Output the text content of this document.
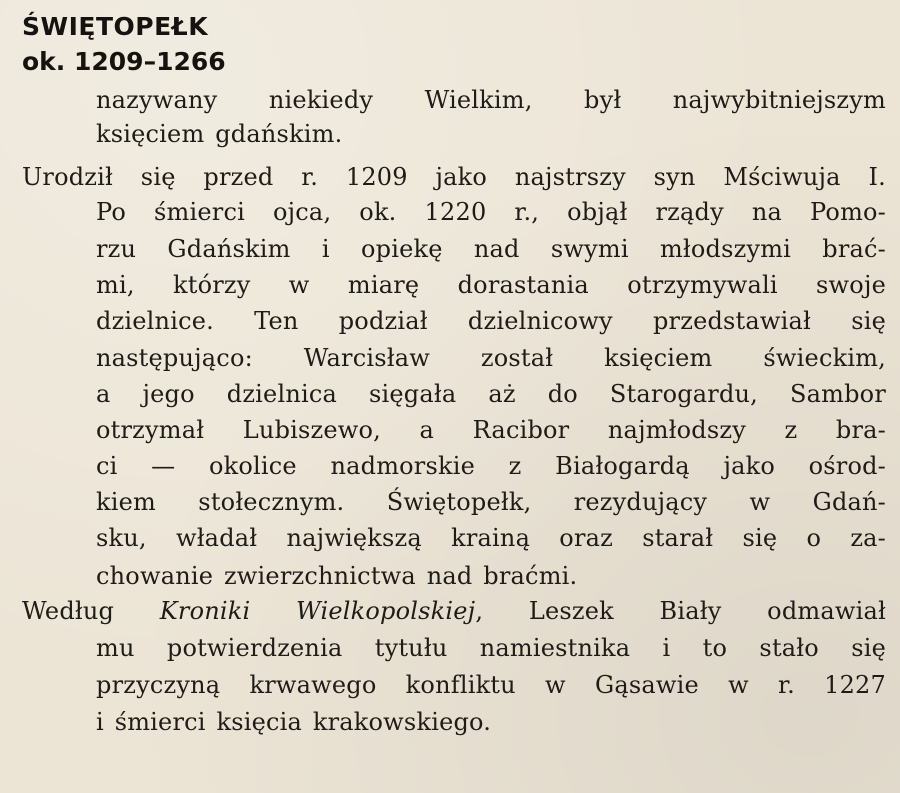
ŚWIĘTOPEŁK
ok. 1209–1266
nazywany niekiedy Wielkim, był najwybitniejszym
księciem gdańskim.
Urodził się przed r. 1209 jako najstrszy syn Mściwuja I.
Po śmierci ojca, ok. 1220 r., objął rządy na Pomo-
rzu Gdańskim i opiekę nad swymi młodszymi brać-
mi, którzy w miarę dorastania otrzymywali swoje
dzielnice. Ten podział dzielnicowy przedstawiał się
następująco: Warcisław został księciem świeckim,
a jego dzielnica sięgała aż do Starogardu, Sambor
otrzymał Lubiszewo, a Racibor najmłodszy z bra-
ci — okolice nadmorskie z Białogardą jako ośrod-
kiem stołecznym. Świętopełk, rezydujący w Gdań-
sku, władał największą krainą oraz starał się o za-
chowanie zwierzchnictwa nad braćmi.
Według Kroniki Wielkopolskiej, Leszek Biały odmawiał
mu potwierdzenia tytułu namiestnika i to stało się
przyczyną krwawego konfliktu w Gąsawie w r. 1227
i śmierci księcia krakowskiego.
